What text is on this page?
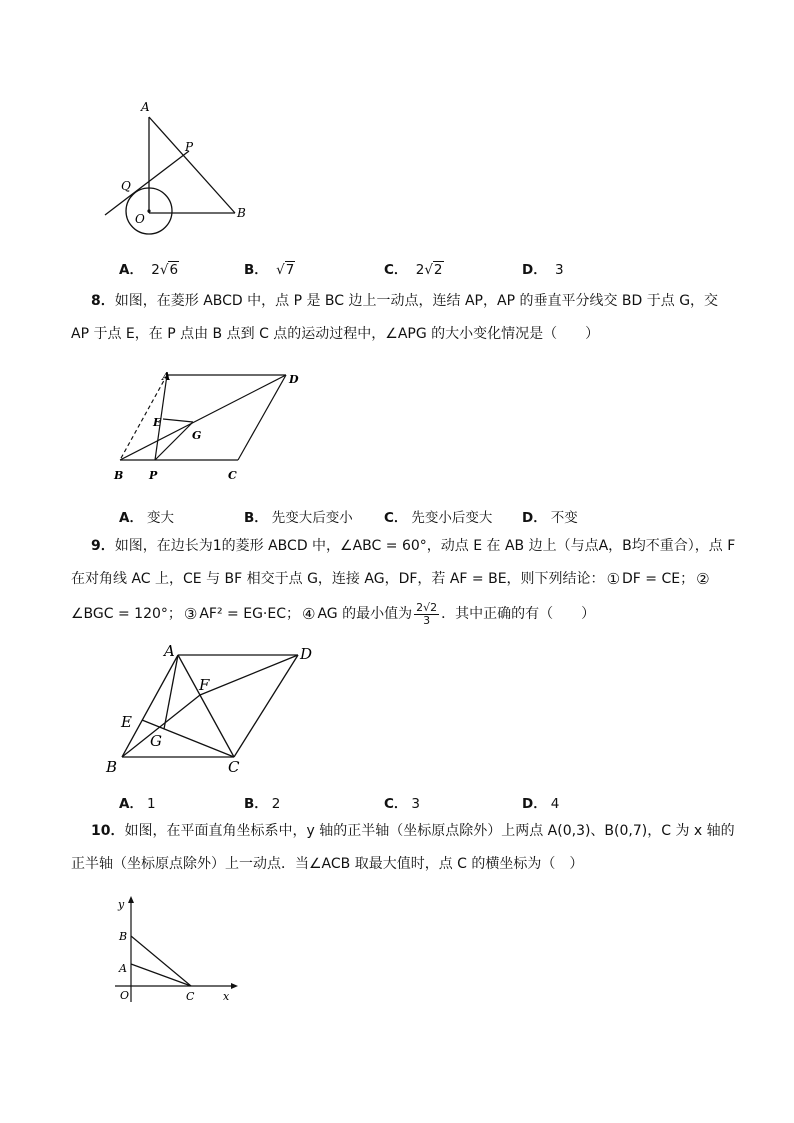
A
P
Q
O	B
A． 2√6	B． √7	C． 2√2	D． 3
8．如图，在菱形 ABCD 中，点 P 是 BC 边上一动点，连结 AP，AP 的垂直平分线交 BD 于点 G，交
AP 于点 E，在 P 点由 B 点到 C 点的运动过程中，∠APG 的大小变化情况是（　　）
A	D
E
G
B P	C
A． 变大	B． 先变大后变小 C． 先变小后变大 D． 不变
9．如图，在边长为1的菱形 ABCD 中，∠ABC = 60°，动点 E 在 AB 边上（与点A，B均不重合），点 F
在对角线 AC 上，CE 与 BF 相交于点 G，连接 AG，DF，若 AF = BE，则下列结论： ① DF = CE； ②
∠BGC = 120°； ③ AF² = EG·EC； ④ AG 的最小值为 $\frac{2√2}{3}$ ．其中正确的有（　　）
A	D
F
E
G
B	C
A． 1	B． 2	C． 3	D． 4
10．如图，在平面直角坐标系中，y 轴的正半轴（坐标原点除外）上两点 A(0,3)、B(0,7)，C 为 x 轴的
正半轴（坐标原点除外）上一动点．当∠ACB 取最大值时，点 C 的横坐标为（　）
y
B
A
O	C	x
